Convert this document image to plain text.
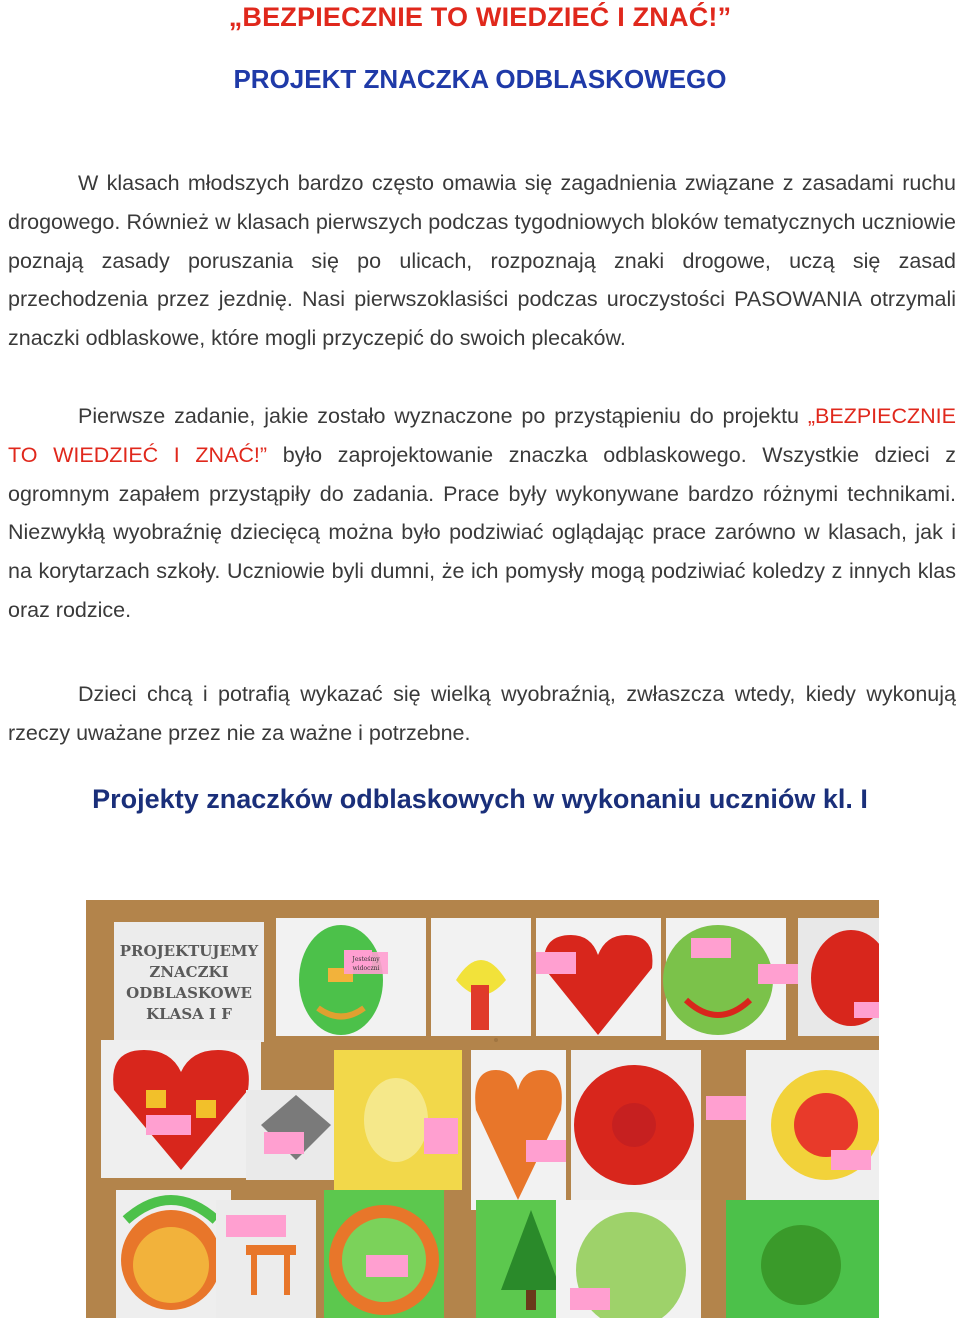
„BEZPIECZNIE TO WIEDZIEĆ I ZNAĆ!”
PROJEKT ZNACZKA ODBLASKOWEGO

W klasach młodszych bardzo często omawia się zagadnienia związane z zasadami ruchu drogowego. Również w klasach pierwszych podczas tygodniowych bloków tematycznych uczniowie poznają zasady poruszania się po ulicach, rozpoznają znaki drogowe, uczą się zasad przechodzenia przez jezdnię. Nasi pierwszoklasiści podczas uroczystości PASOWANIA otrzymali znaczki odblaskowe, które mogli przyczepić do swoich plecaków.

Pierwsze zadanie, jakie zostało wyznaczone po przystąpieniu do projektu „BEZPIECZNIE TO WIEDZIEĆ I ZNAĆ!” było zaprojektowanie znaczka odblaskowego. Wszystkie dzieci z ogromnym zapałem przystąpiły do zadania. Prace były wykonywane bardzo różnymi technikami. Niezwykłą wyobraźnię dziecięcą można było podziwiać oglądając prace zarówno w klasach, jak i na korytarzach szkoły. Uczniowie byli dumni, że ich pomysły mogą podziwiać koledzy z innych klas oraz rodzice.

Dzieci chcą i potrafią wykazać się wielką wyobraźnią, zwłaszcza wtedy, kiedy wykonują rzeczy uważane przez nie za ważne i potrzebne.

Projekty znaczków odblaskowych w wykonaniu uczniów kl. I
PROJEKTUJEMY
ZNACZKI
ODBLASKOWE
KLASA I F
Jesteśmy
widoczni
